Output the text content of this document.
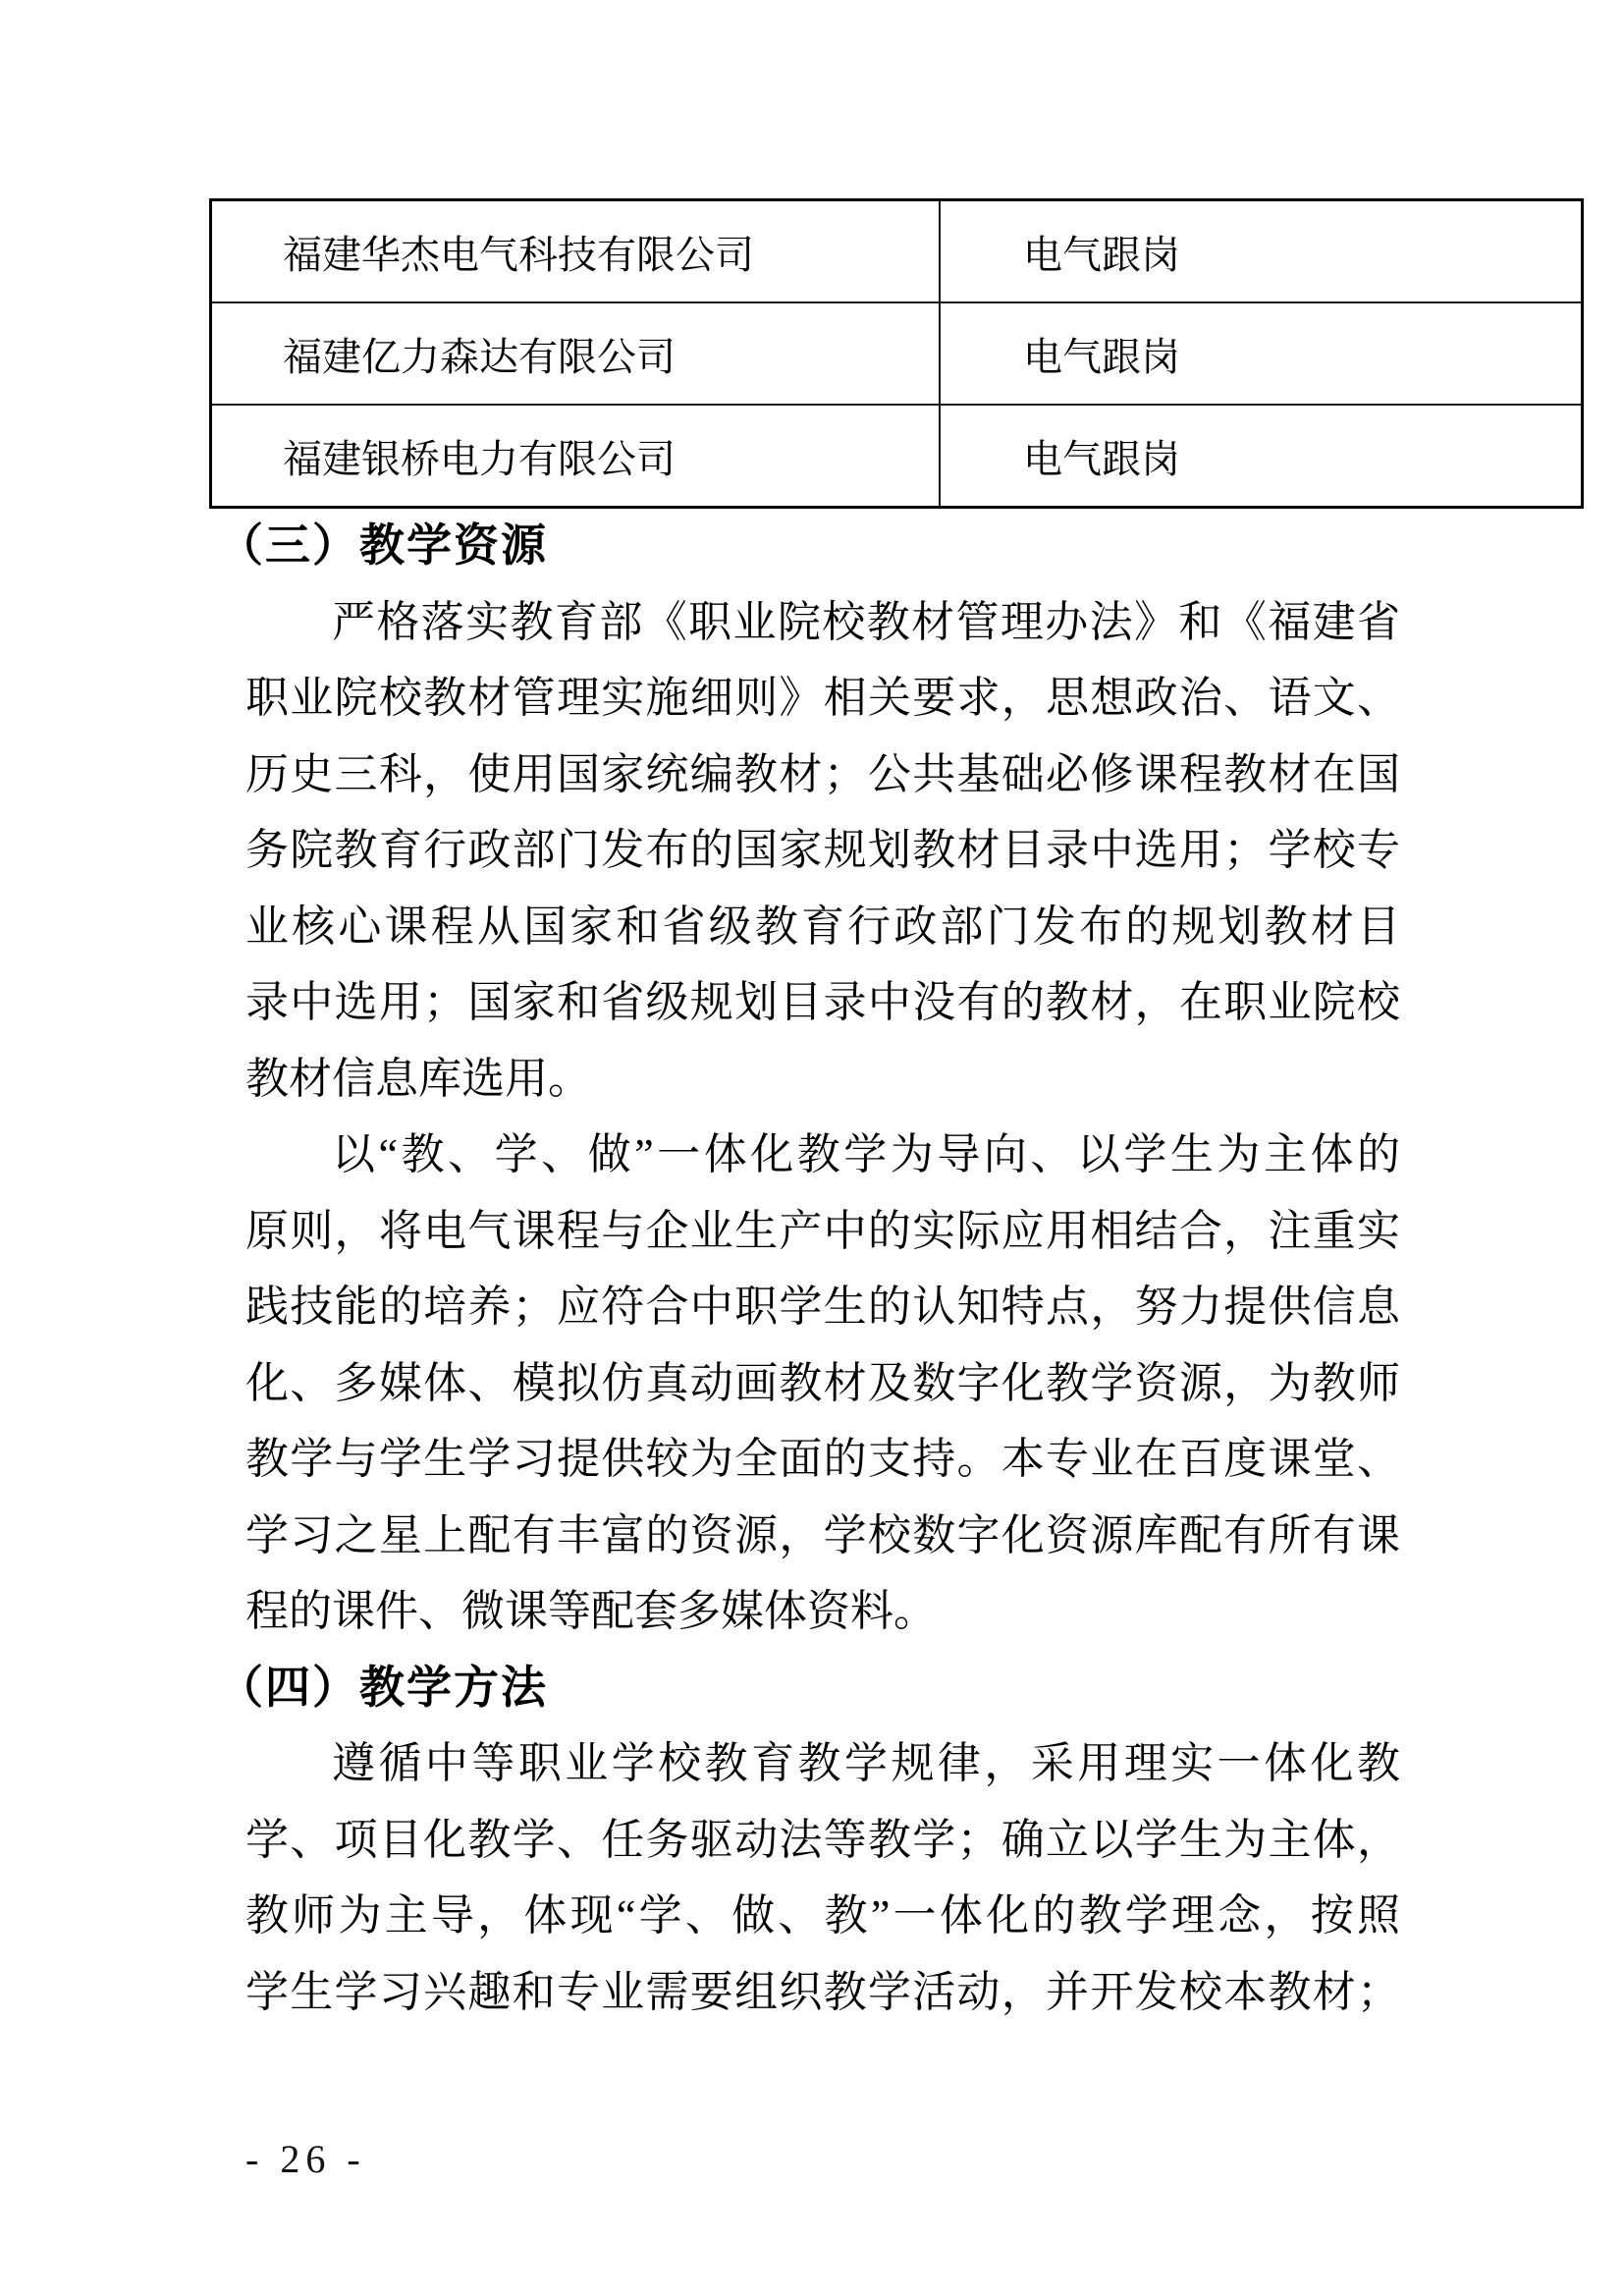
福建华杰电气科技有限公司	电气跟岗
福建亿力森达有限公司	电气跟岗
福建银桥电力有限公司	电气跟岗
（三）教学资源
严格落实教育部《职业院校教材管理办法》和《福建省
职业院校教材管理实施细则》相关要求，思想政治、语文、
历史三科，使用国家统编教材；公共基础必修课程教材在国
务院教育行政部门发布的国家规划教材目录中选用；学校专
业核心课程从国家和省级教育行政部门发布的规划教材目
录中选用；国家和省级规划目录中没有的教材，在职业院校
教材信息库选用。
以“教、学、做”一体化教学为导向、以学生为主体的
原则，将电气课程与企业生产中的实际应用相结合，注重实
践技能的培养；应符合中职学生的认知特点，努力提供信息
化、多媒体、模拟仿真动画教材及数字化教学资源，为教师
教学与学生学习提供较为全面的支持。本专业在百度课堂、
学习之星上配有丰富的资源，学校数字化资源库配有所有课
程的课件、微课等配套多媒体资料。
（四）教学方法
遵循中等职业学校教育教学规律，采用理实一体化教
学、项目化教学、任务驱动法等教学；确立以学生为主体，
教师为主导，体现“学、做、教”一体化的教学理念，按照
学生学习兴趣和专业需要组织教学活动，并开发校本教材；
- 26 -
